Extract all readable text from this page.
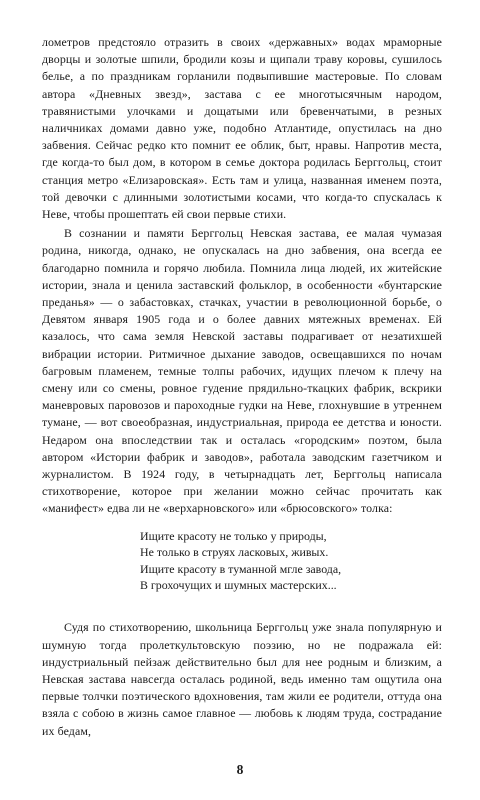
лометров предстояло отразить в своих «державных» водах мраморные дворцы и золотые шпили, бродили козы и щипали траву коровы, сушилось белье, а по праздникам горланили подвыпившие мастеровые. По словам автора «Дневных звезд», застава с ее многотысячным народом, травянистыми улочками и дощатыми или бревенчатыми, в резных наличниках домами давно уже, подобно Атлантиде, опустилась на дно забвения. Сейчас редко кто помнит ее облик, быт, нравы. Напротив места, где когда-то был дом, в котором в семье доктора родилась Берггольц, стоит станция метро «Елизаровская». Есть там и улица, названная именем поэта, той девочки с длинными золотистыми косами, что когда-то спускалась к Неве, чтобы прошептать ей свои первые стихи.

В сознании и памяти Берггольц Невская застава, ее малая чумазая родина, никогда, однако, не опускалась на дно забвения, она всегда ее благодарно помнила и горячо любила. Помнила лица людей, их житейские истории, знала и ценила заставский фольклор, в особенности «бунтарские преданья» — о забастовках, стачках, участии в революционной борьбе, о Девятом января 1905 года и о более давних мятежных временах. Ей казалось, что сама земля Невской заставы подрагивает от незатихшей вибрации истории. Ритмичное дыхание заводов, освещавшихся по ночам багровым пламенем, темные толпы рабочих, идущих плечом к плечу на смену или со смены, ровное гудение прядильно-ткацких фабрик, вскрики маневровых паровозов и пароходные гудки на Неве, глохнувшие в утреннем тумане, — вот своеобразная, индустриальная, природа ее детства и юности. Недаром она впоследствии так и осталась «городским» поэтом, была автором «Истории фабрик и заводов», работала заводским газетчиком и журналистом. В 1924 году, в четырнадцать лет, Берггольц написала стихотворение, которое при желании можно сейчас прочитать как «манифест» едва ли не «верхарновского» или «брюсовского» толка:

Ищите красоту не только у природы,
Не только в струях ласковых, живых.
Ищите красоту в туманной мгле завода,
В грохочущих и шумных мастерских...

Судя по стихотворению, школьница Берггольц уже знала популярную и шумную тогда пролеткультовскую поэзию, но не подражала ей: индустриальный пейзаж действительно был для нее родным и близким, а Невская застава навсегда осталась родиной, ведь именно там ощутила она первые толчки поэтического вдохновения, там жили ее родители, оттуда она взяла с собою в жизнь самое главное — любовь к людям труда, сострадание их бедам,

8
